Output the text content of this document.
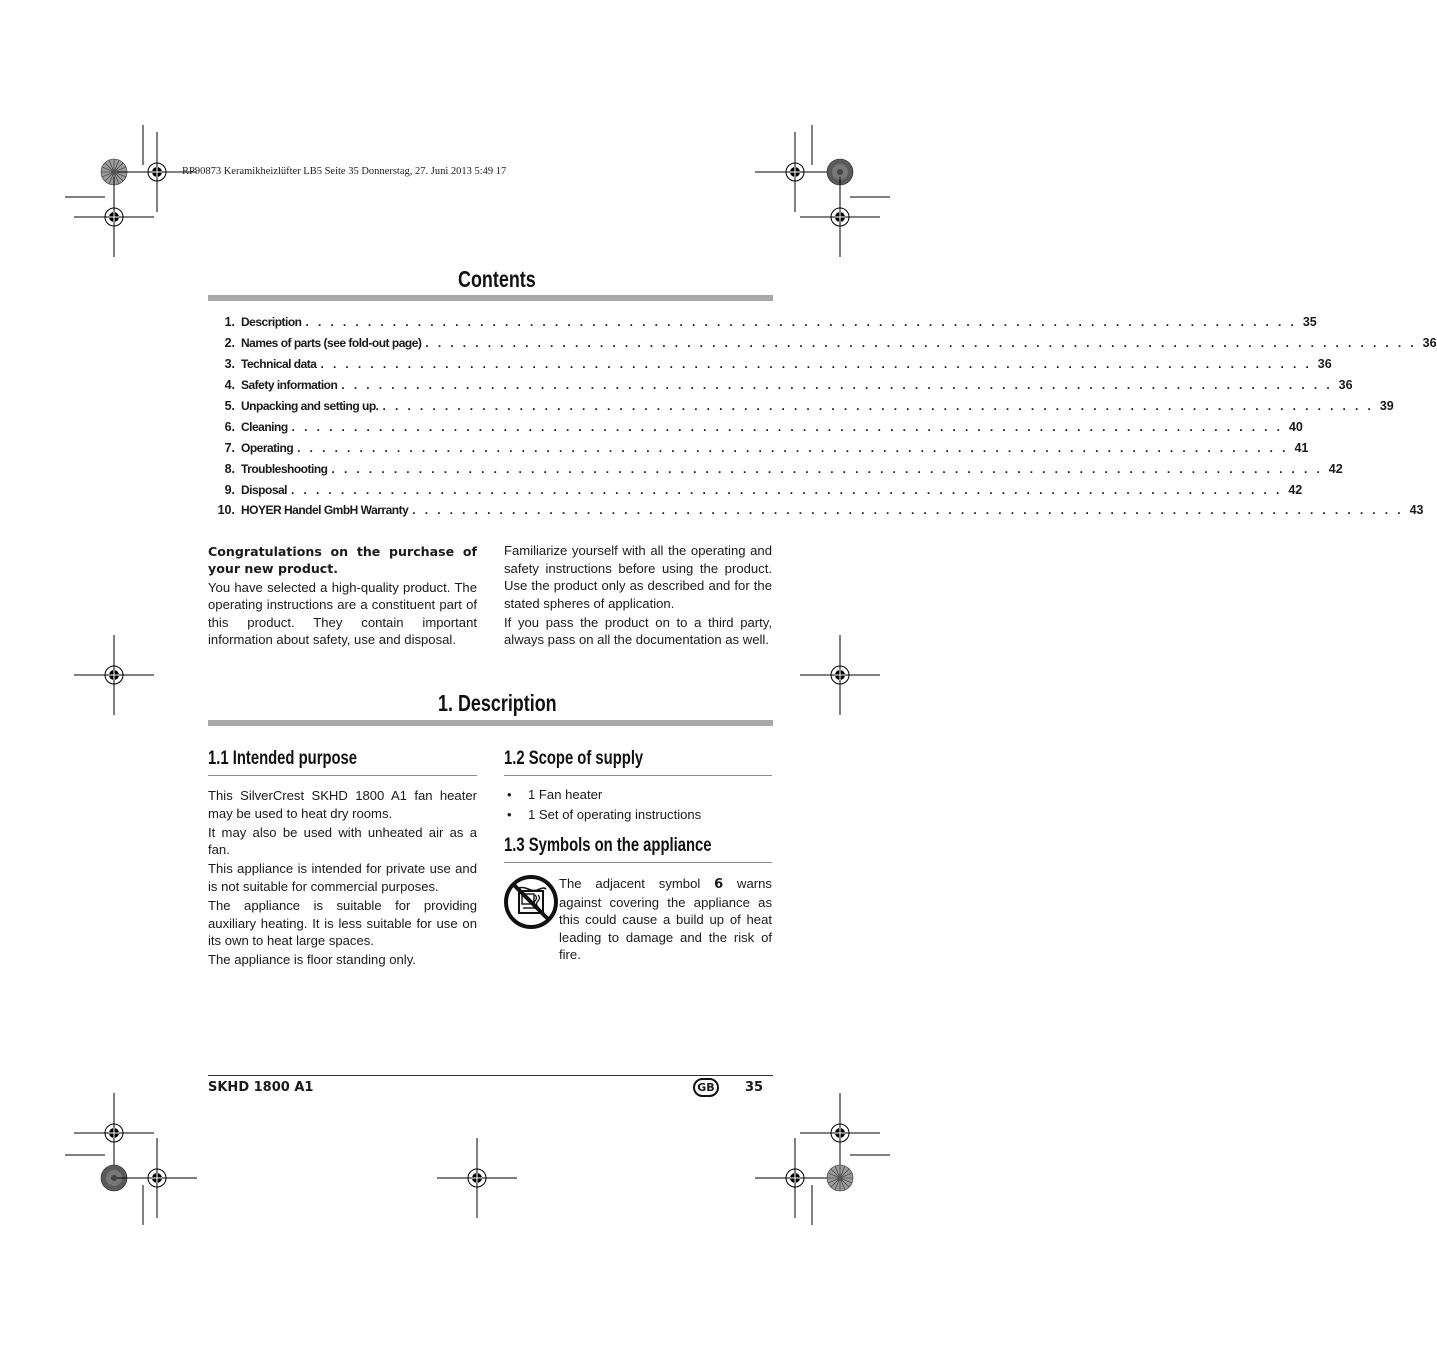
RP90873 Keramikheizlüfter LB5 Seite 35 Donnerstag, 27. Juni 2013 5:49 17
Contents
1. Description . . . . . . . . . . . . . . . . . . . . . . . . . . . . . . . . . . . . . . . . . . . . . . . . . . . . . . . . . . . . . . . . . . . . . . . . . . . . . . . . 35
2. Names of parts (see fold-out page) . . . . . . . . . . . . . . . . . . . . . . . . . . . . . . . . . . . . . . . . . . . . . . . . . . . . . . . . . . . . . . . . . . . . . . . . . . . . . . . . 36
3. Technical data . . . . . . . . . . . . . . . . . . . . . . . . . . . . . . . . . . . . . . . . . . . . . . . . . . . . . . . . . . . . . . . . . . . . . . . . . . . . . . . . 36
4. Safety information . . . . . . . . . . . . . . . . . . . . . . . . . . . . . . . . . . . . . . . . . . . . . . . . . . . . . . . . . . . . . . . . . . . . . . . . . . . . . . . . 36
5. Unpacking and setting up. . . . . . . . . . . . . . . . . . . . . . . . . . . . . . . . . . . . . . . . . . . . . . . . . . . . . . . . . . . . . . . . . . . . . . . . . . . . . . . . . 39
6. Cleaning . . . . . . . . . . . . . . . . . . . . . . . . . . . . . . . . . . . . . . . . . . . . . . . . . . . . . . . . . . . . . . . . . . . . . . . . . . . . . . . . 40
7. Operating . . . . . . . . . . . . . . . . . . . . . . . . . . . . . . . . . . . . . . . . . . . . . . . . . . . . . . . . . . . . . . . . . . . . . . . . . . . . . . . . 41
8. Troubleshooting . . . . . . . . . . . . . . . . . . . . . . . . . . . . . . . . . . . . . . . . . . . . . . . . . . . . . . . . . . . . . . . . . . . . . . . . . . . . . . . . 42
9. Disposal . . . . . . . . . . . . . . . . . . . . . . . . . . . . . . . . . . . . . . . . . . . . . . . . . . . . . . . . . . . . . . . . . . . . . . . . . . . . . . . . 42
10. HOYER Handel GmbH Warranty . . . . . . . . . . . . . . . . . . . . . . . . . . . . . . . . . . . . . . . . . . . . . . . . . . . . . . . . . . . . . . . . . . . . . . . . . . . . . . . . 43

Congratulations on the purchase of your new product.

You have selected a high-quality product. The operating instructions are a constituent part of this product. They contain important information about safety, use and disposal.

Familiarize yourself with all the operating and safety instructions before using the product. Use the product only as described and for the stated spheres of application.

If you pass the product on to a third party, always pass on all the documentation as well.

1. Description
1.1 Intended purpose

This SilverCrest SKHD 1800 A1 fan heater may be used to heat dry rooms.

It may also be used with unheated air as a fan.

This appliance is intended for private use and is not suitable for commercial purposes.

The appliance is suitable for providing auxiliary heating. It is less suitable for use on its own to heat large spaces.

The appliance is floor standing only.

1.2 Scope of supply
• 1 Fan heater
• 1 Set of operating instructions
1.3 Symbols on the appliance

The adjacent symbol 6 warns against covering the appliance as this could cause a build up of heat leading to damage and the risk of fire.

SKHD 1800 A1	GB	35
